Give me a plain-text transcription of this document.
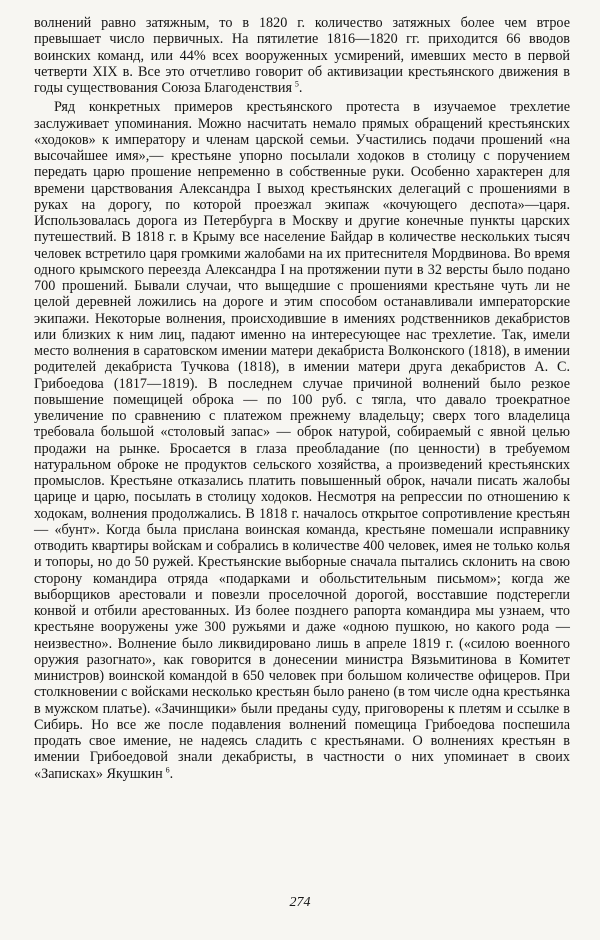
волнений равно затяжным, то в 1820 г. количество затяжных более чем втрое превышает число первичных. На пятилетие 1816—1820 гг. приходится 66 вводов воинских команд, или 44% всех вооруженных усмирений, имевших место в первой четверти XIX в. Все это отчетливо говорит об активизации крестьянского движения в годы существования Союза Благоденствия  $^5$.

Ряд конкретных примеров крестьянского протеста в изучаемое трехлетие заслуживает упоминания. Можно насчитать немало прямых обращений крестьянских «ходоков» к императору и членам царской семьи. Участились подачи прошений «на высочайшее имя»,— крестьяне упорно посылали ходоков в столицу с поручением передать царю прошение непременно в собственные руки. Особенно характерен для времени царствования Александра I выход крестьянских делегаций с прошениями в руках на дорогу, по которой проезжал экипаж «кочующего деспота»—царя. Использовалась дорога из Петербурга в Москву и другие конечные пункты царских путешествий. В 1818 г. в Крыму все население Байдар в количестве нескольких тысяч человек встретило царя громкими жалобами на их притеснителя Мордвинова. Во время одного крымского переезда Александра I на протяжении пути в 32 версты было подано 700 прошений. Бывали случаи, что выщедшие с прошениями крестьяне чуть ли не целой деревней ложились на дороге и этим способом останавливали императорские экипажи. Некоторые волнения, происходившие в имениях родственников декабристов или близких к ним лиц, падают именно на интересующее нас трехлетие. Так, имели место волнения в саратовском имении матери декабриста Волконского (1818), в имении родителей декабриста Тучкова (1818), в имении матери друга декабристов А. С. Грибоедова (1817—1819). В последнем случае причиной волнений было резкое повышение помещицей оброка — по 100 руб. с тягла, что давало троекратное увеличение по сравнению с платежом прежнему владельцу; сверх того владелица требовала большой «столовый запас» — оброк натурой, собираемый с явной целью продажи на рынке. Бросается в глаза преобладание (по ценности) в требуемом натуральном оброке не продуктов сельского хозяйства, а произведений крестьянских промыслов. Крестьяне отказались платить повышенный оброк, начали писать жалобы царице и царю, посылать в столицу ходоков. Несмотря на репрессии по отношению к ходокам, волнения продолжались. В 1818 г. началось открытое сопротивление крестьян — «бунт». Когда была прислана воинская команда, крестьяне помешали исправнику отводить квартиры войскам и собрались в количестве 400 человек, имея не только колья и топоры, но до 50 ружей. Крестьянские выборные сначала пытались склонить на свою сторону командира отряда «подарками и обольстительным письмом»; когда же выборщиков арестовали и повезли проселочной дорогой, восставшие подстерегли конвой и отбили арестованных. Из более позднего рапорта командира мы узнаем, что крестьяне вооружены уже 300 ружьями и даже «одною пушкою, но какого рода — неизвестно». Волнение было ликвидировано лишь в апреле 1819 г. («силою военного оружия разогнато», как говорится в донесении министра Вязьмитинова в Комитет министров) воинской командой в 650 человек при большом количестве офицеров. При столкновении с войсками несколько крестьян было ранено (в том числе одна крестьянка в мужском платье). «Зачинщики» были преданы суду, приговорены к плетям и ссылке в Сибирь. Но все же после подавления волнений помещица Грибоедова поспешила продать свое имение, не надеясь сладить с крестьянами. О волнениях крестьян в имении Грибоедовой знали декабристы, в частности о них упоминает в своих «Записках» Якушкин  $^6$.

274
